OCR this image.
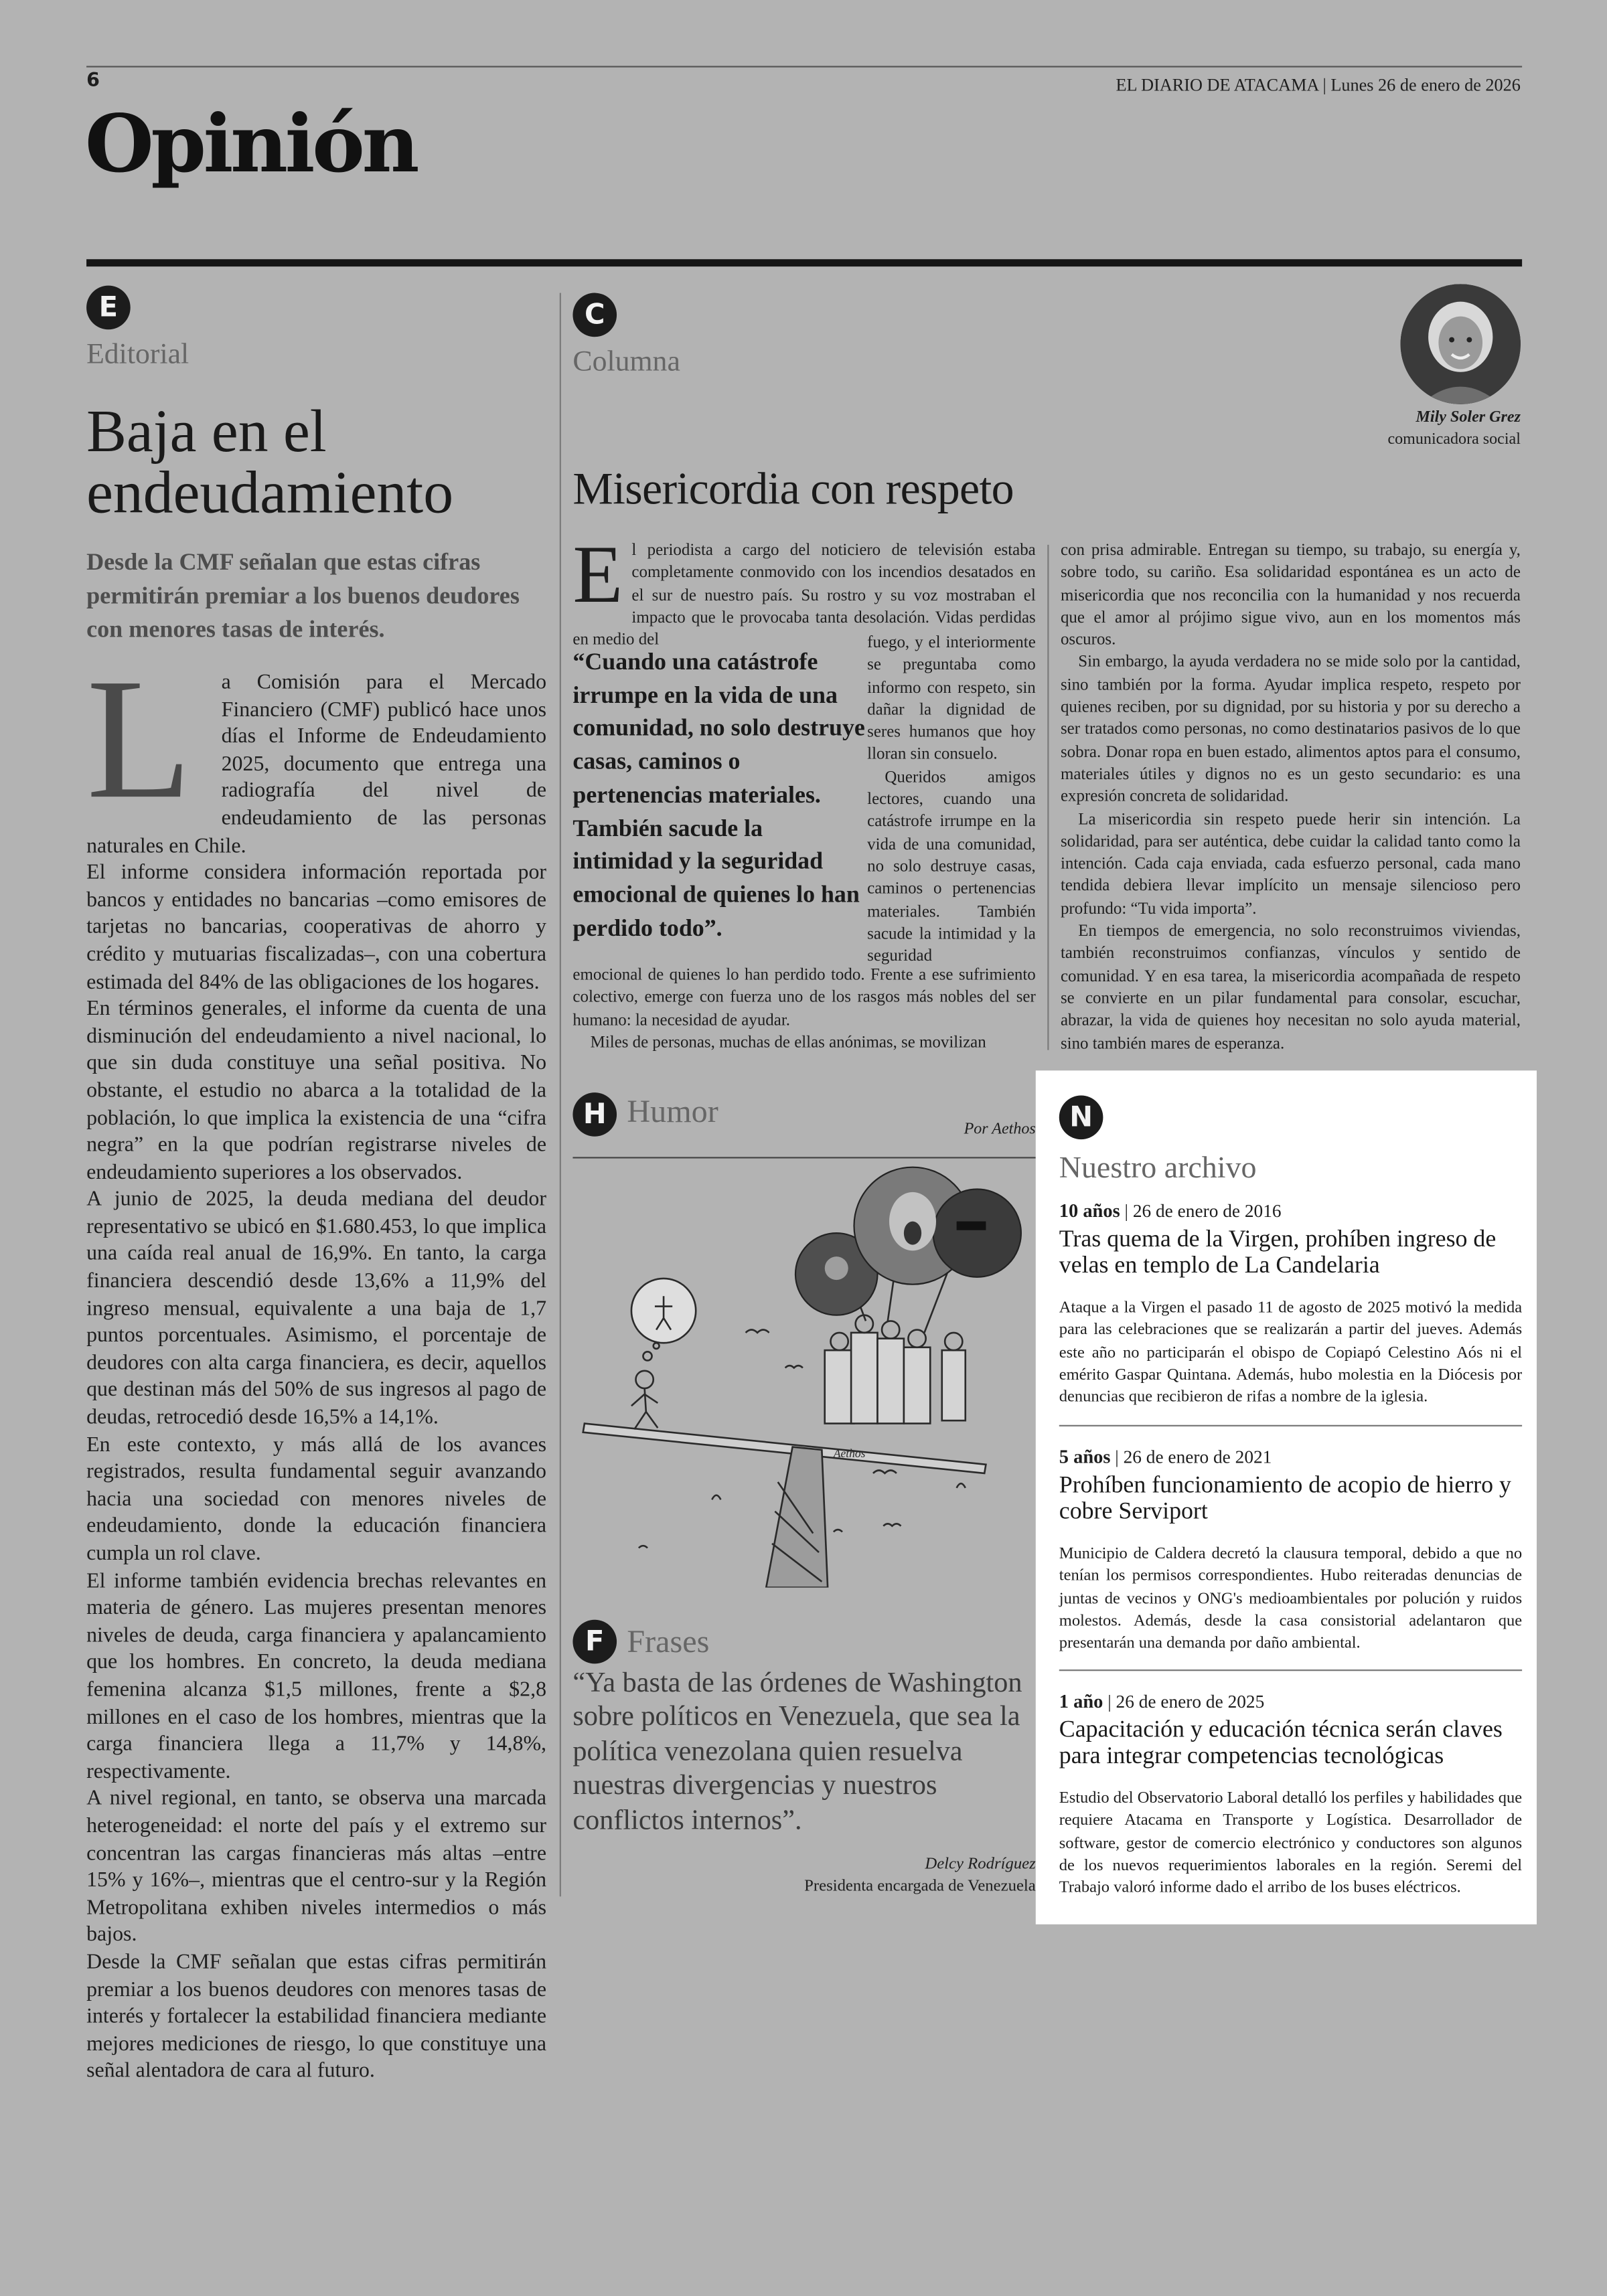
6	EL DIARIO DE ATACAMA | Lunes 26 de enero de 2026
Opinión
E
Editorial
Baja en el endeudamiento
Desde la CMF señalan que estas cifras permitirán premiar a los buenos deudores con menores tasas de interés.
L	a Comisión para el Mercado Financiero (CMF) publicó hace unos días el Informe de Endeudamiento 2025, documento que entrega una radiografía del nivel de endeudamiento de las personas naturales en Chile.

El informe considera información reportada por bancos y entidades no bancarias –como emisores de tarjetas no bancarias, cooperativas de ahorro y crédito y mutuarias fiscalizadas–, con una cobertura estimada del 84% de las obligaciones de los hogares.

En términos generales, el informe da cuenta de una disminución del endeudamiento a nivel nacional, lo que sin duda constituye una señal positiva. No obstante, el estudio no abarca a la totalidad de la población, lo que implica la existencia de una “cifra negra” en la que podrían registrarse niveles de endeudamiento superiores a los observados.

A junio de 2025, la deuda mediana del deudor representativo se ubicó en $1.680.453, lo que implica una caída real anual de 16,9%. En tanto, la carga financiera descendió desde 13,6% a 11,9% del ingreso mensual, equivalente a una baja de 1,7 puntos porcentuales. Asimismo, el porcentaje de deudores con alta carga financiera, es decir, aquellos que destinan más del 50% de sus ingresos al pago de deudas, retrocedió desde 16,5% a 14,1%.

En este contexto, y más allá de los avances registrados, resulta fundamental seguir avanzando hacia una sociedad con menores niveles de endeudamiento, donde la educación financiera cumpla un rol clave.

El informe también evidencia brechas relevantes en materia de género. Las mujeres presentan menores niveles de deuda, carga financiera y apalancamiento que los hombres. En concreto, la deuda mediana femenina alcanza $1,5 millones, frente a $2,8 millones en el caso de los hombres, mientras que la carga financiera llega a 11,7% y 14,8%, respectivamente.

A nivel regional, en tanto, se observa una marcada heterogeneidad: el norte del país y el extremo sur concentran las cargas financieras más altas –entre 15% y 16%–, mientras que el centro-sur y la Región Metropolitana exhiben niveles intermedios o más bajos.

Desde la CMF señalan que estas cifras permitirán premiar a los buenos deudores con menores tasas de interés y fortalecer la estabilidad financiera mediante mejores mediciones de riesgo, lo que constituye una señal alentadora de cara al futuro.

C
Columna
Misericordia con respeto
Mily Soler Grez
comunicadora social
E l periodista a cargo del noticiero de televisión estaba completamente conmovido con los incendios desatados en el sur de nuestro país. Su rostro y su voz mostraban el impacto que le provocaba tanta desolación. Vidas perdidas en medio del
“Cuando una catástrofe irrumpe en la vida de una comunidad, no solo destruye casas, caminos o pertenencias materiales. También sacude la intimidad y la seguridad emocional de quienes lo han perdido todo”.

fuego, y el interiormente se preguntaba como informo con respeto, sin dañar la dignidad de seres humanos que hoy lloran sin consuelo.

Queridos amigos lectores, cuando una catástrofe irrumpe en la vida de una comunidad, no solo destruye casas, caminos o pertenencias materiales. También sacude la intimidad y la seguridad

emocional de quienes lo han perdido todo. Frente a ese sufrimiento colectivo, emerge con fuerza uno de los rasgos más nobles del ser humano: la necesidad de ayudar.

Miles de personas, muchas de ellas anónimas, se movilizan

con prisa admirable. Entregan su tiempo, su trabajo, su energía y, sobre todo, su cariño. Esa solidaridad espontánea es un acto de misericordia que nos reconcilia con la humanidad y nos recuerda que el amor al prójimo sigue vivo, aun en los momentos más oscuros.

Sin embargo, la ayuda verdadera no se mide solo por la cantidad, sino también por la forma. Ayudar implica respeto, respeto por quienes reciben, por su dignidad, por su historia y por su derecho a ser tratados como personas, no como destinatarios pasivos de lo que sobra. Donar ropa en buen estado, alimentos aptos para el consumo, materiales útiles y dignos no es un gesto secundario: es una expresión concreta de solidaridad.

La misericordia sin respeto puede herir sin intención. La solidaridad, para ser auténtica, debe cuidar la calidad tanto como la intención. Cada caja enviada, cada esfuerzo personal, cada mano tendida debiera llevar implícito un mensaje silencioso pero profundo: “Tu vida importa”.

En tiempos de emergencia, no solo reconstruimos viviendas, también reconstruimos confianzas, vínculos y sentido de comunidad. Y en esa tarea, la misericordia acompañada de respeto se convierte en un pilar fundamental para consolar, escuchar, abrazar, la vida de quienes hoy necesitan no solo ayuda material, sino también mares de esperanza.

H	Humor
Por Aethos
Aethos
F	Frases
“Ya basta de las órdenes de Washington sobre políticos en Venezuela, que sea la política venezolana quien resuelva nuestras divergencias y nuestros conflictos internos”.
Delcy Rodríguez
Presidenta encargada de Venezuela
N
Nuestro archivo
10 años | 26 de enero de 2016
Tras quema de la Virgen, prohíben ingreso de velas en templo de La Candelaria
Ataque a la Virgen el pasado 11 de agosto de 2025 motivó la medida para las celebraciones que se realizarán a partir del jueves. Además este año no participarán el obispo de Copiapó Celestino Aós ni el emérito Gaspar Quintana. Además, hubo molestia en la Diócesis por denuncias que recibieron de rifas a nombre de la iglesia.
5 años | 26 de enero de 2021
Prohíben funcionamiento de acopio de hierro y cobre Serviport
Municipio de Caldera decretó la clausura temporal, debido a que no tenían los permisos correspondientes. Hubo reiteradas denuncias de juntas de vecinos y ONG's medioambientales por polución y ruidos molestos. Además, desde la casa consistorial adelantaron que presentarán una demanda por daño ambiental.
1 año | 26 de enero de 2025
Capacitación y educación técnica serán claves para integrar competencias tecnológicas
Estudio del Observatorio Laboral detalló los perfiles y habilidades que requiere Atacama en Transporte y Logística. Desarrollador de software, gestor de comercio electrónico y conductores son algunos de los nuevos requerimientos laborales en la región. Seremi del Trabajo valoró informe dado el arribo de los buses eléctricos.
